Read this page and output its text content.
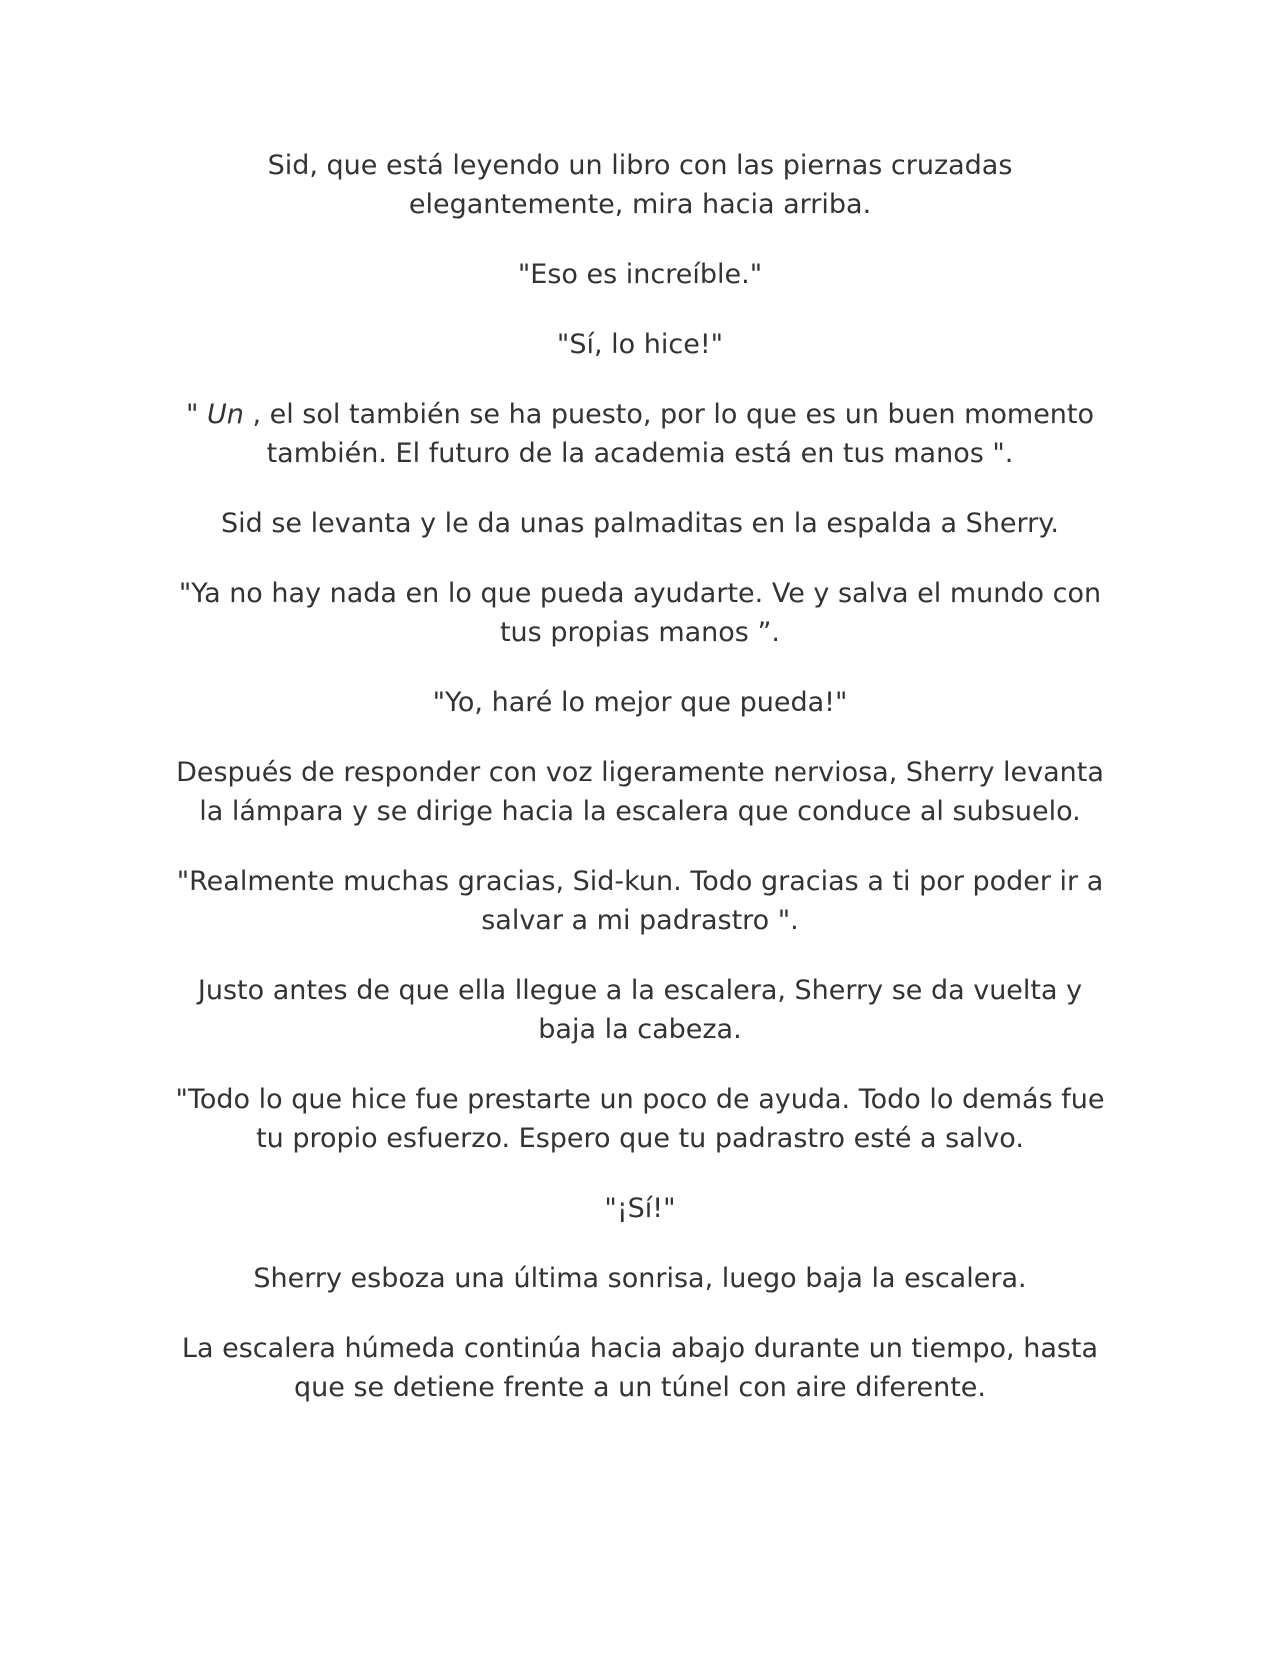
Sid, que está leyendo un libro con las piernas cruzadas elegantemente, mira hacia arriba.

"Eso es increíble."

"Sí, lo hice!"

" Un , el sol también se ha puesto, por lo que es un buen momento también. El futuro de la academia está en tus manos ".

Sid se levanta y le da unas palmaditas en la espalda a Sherry.

"Ya no hay nada en lo que pueda ayudarte. Ve y salva el mundo con tus propias manos ”.

"Yo, haré lo mejor que pueda!"

Después de responder con voz ligeramente nerviosa, Sherry levanta la lámpara y se dirige hacia la escalera que conduce al subsuelo.

"Realmente muchas gracias, Sid-kun. Todo gracias a ti por poder ir a salvar a mi padrastro ".

Justo antes de que ella llegue a la escalera, Sherry se da vuelta y baja la cabeza.

"Todo lo que hice fue prestarte un poco de ayuda. Todo lo demás fue tu propio esfuerzo. Espero que tu padrastro esté a salvo.

"¡Sí!"

Sherry esboza una última sonrisa, luego baja la escalera.

La escalera húmeda continúa hacia abajo durante un tiempo, hasta que se detiene frente a un túnel con aire diferente.
